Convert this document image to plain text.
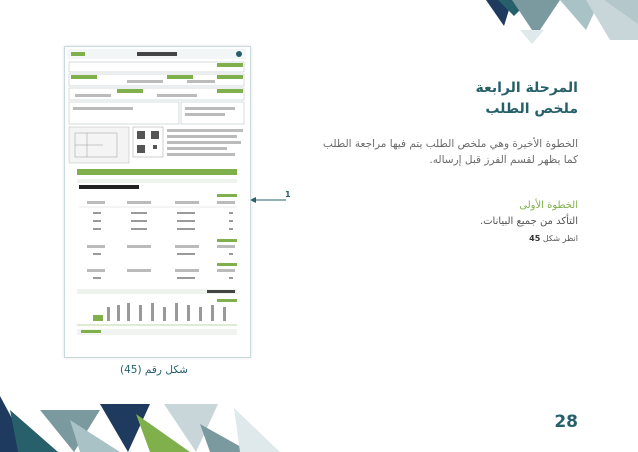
المرحلة الرابعة
ملخص الطلب
الخطوة الأخيرة وهي ملخص الطلب يتم فيها مراجعة الطلب كما يظهر لقسم الفرز قبل إرساله.
الخطوة الأولى
التأكد من جميع البيانات.
انظر شكل 45
28
1
شكل رقم (45)
